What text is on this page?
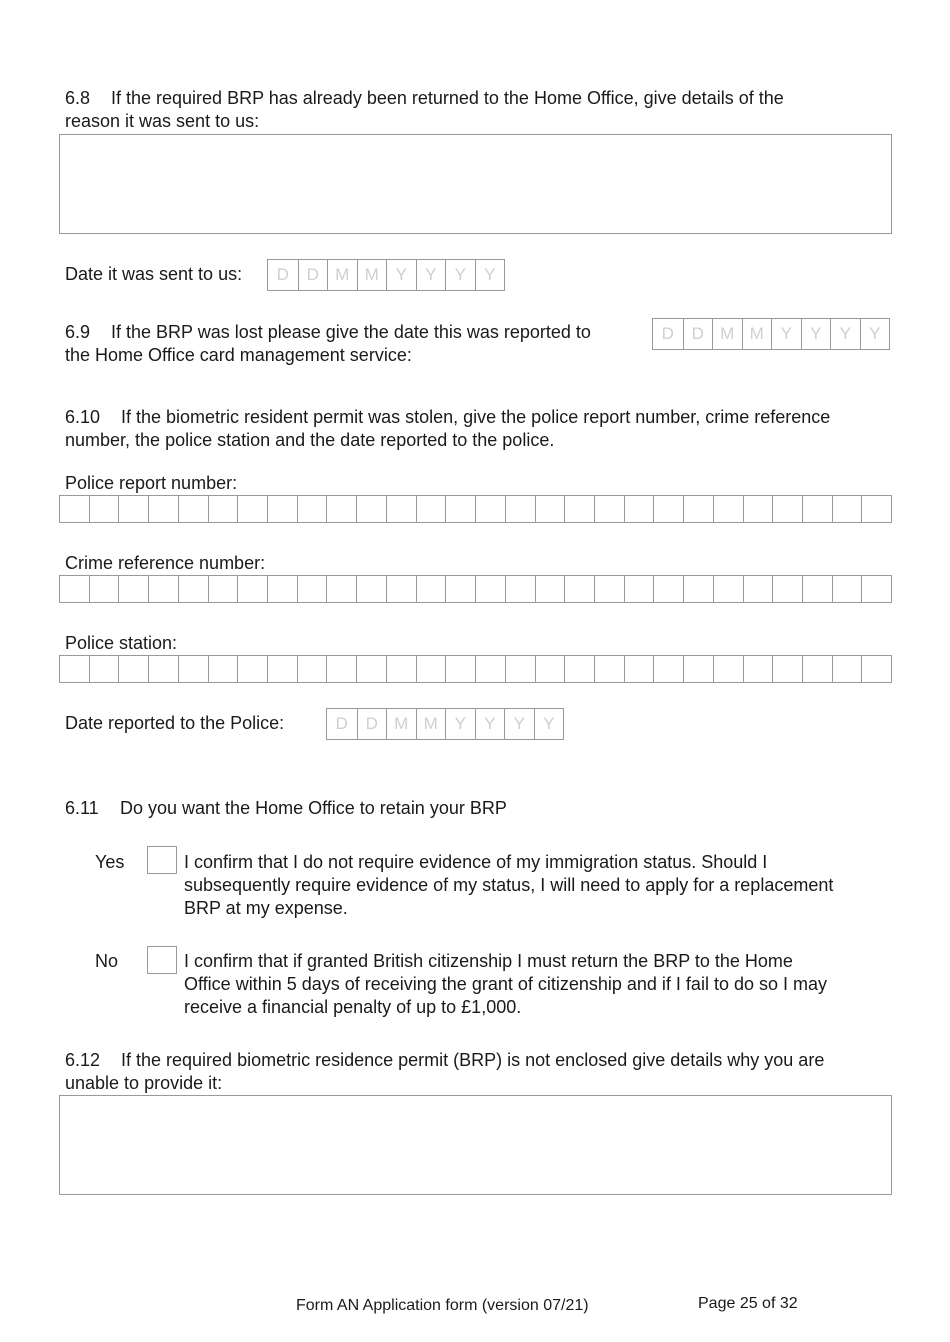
6.8 If the required BRP has already been returned to the Home Office, give details of the
reason it was sent to us:
Date it was sent to us:	D	D M M Y	Y	Y	Y
6.9 If the BRP was lost please give the date this was reported to
the Home Office card management service:
D	D M M Y	Y	Y	Y
6.10 If the biometric resident permit was stolen, give the police report number, crime reference
number, the police station and the date reported to the police.
Police report number:
Crime reference number:
Police station:
Date reported to the Police:	D	D M M Y	Y	Y	Y
6.11 Do you want the Home Office to retain your BRP
Yes	I confirm that I do not require evidence of my immigration status. Should I
subsequently require evidence of my status, I will need to apply for a replacement
BRP at my expense.
No	I confirm that if granted British citizenship I must return the BRP to the Home
Office within 5 days of receiving the grant of citizenship and if I fail to do so I may
receive a financial penalty of up to £1,000.
6.12 If the required biometric residence permit (BRP) is not enclosed give details why you are
unable to provide it:
Form AN Application form (version 07/21)	Page 25 of 32
